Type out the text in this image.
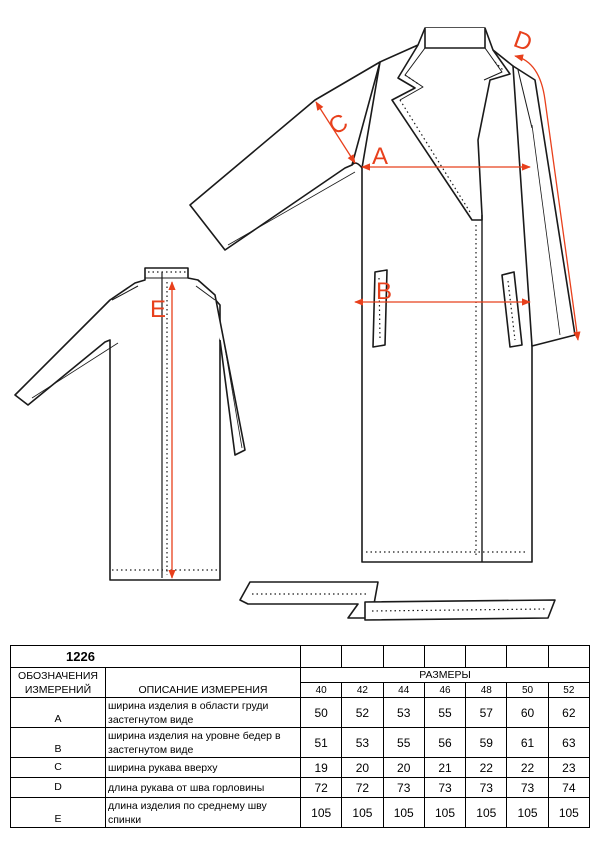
A
B
C
D
E
1226								
ОБОЗНАЧЕНИЯ ИЗМЕРЕНИЙ	ОПИСАНИЕ ИЗМЕРЕНИЯ	РАЗМЕРЫ						
		40	42	44	46	48	50	52
A	ширина изделия в области груди застегнутом виде	50	52	53	55	57	60	62
B	ширина изделия на уровне бедер в застегнутом виде	51	53	55	56	59	61	63
C	ширина рукава вверху	19	20	20	21	22	22	23
D	длина рукава от шва горловины	72	72	73	73	73	73	74
E	длина изделия по среднему шву спинки	105	105	105	105	105	105	105
